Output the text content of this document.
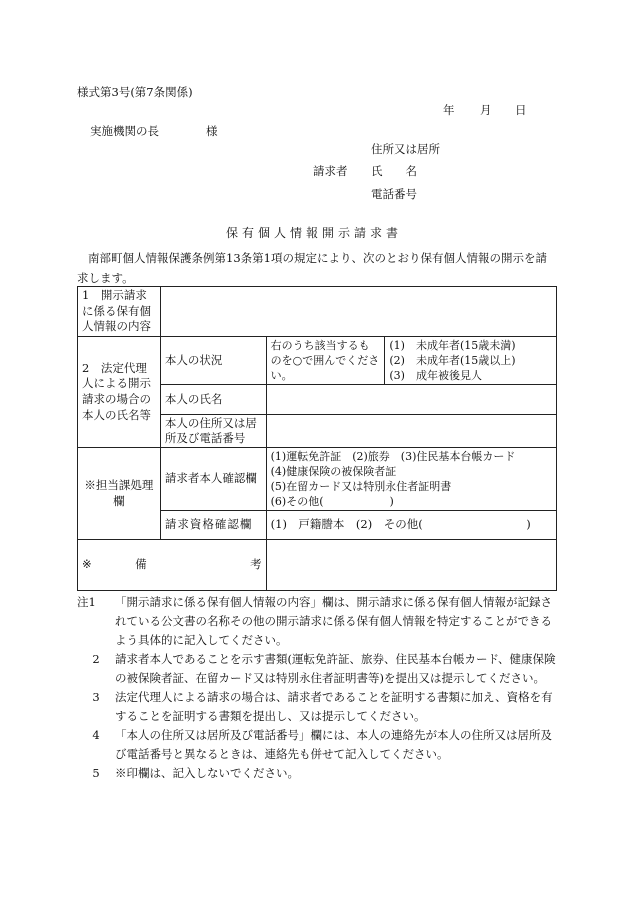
様式第3号(第7条関係)
年 月 日
実施機関の長	様
住所又は居所
請求者 氏　　名
電話番号
保有個人情報開示請求書
南部町個人情報保護条例第13条第1項の規定により、次のとおり保有個人情報の開示を請求します。
1　開示請求に係る保有個人情報の内容			
2　法定代理人による開示請求の場合の本人の氏名等	本人の状況	右のうち該当するものを○で囲んでください。	(1)　未成年者(15歳未満)
(2)　未成年者(15歳以上)
(3)　成年被後見人

	本人の氏名		
	本人の住所又は居所及び電話番号		
※担当課処理欄	請求者本人確認欄	(1)運転免許証　(2)旅券　(3)住民基本台帳カード
(4)健康保険の被保険者証
(5)在留カード又は特別永住者証明書
(6)その他(　　　　　　)	

	請求資格確認欄	(1)　戸籍謄本　(2)　その他(　　　　　　　　　)	

※ 備 考			

注1	「開示請求に係る保有個人情報の内容」欄は、開示請求に係る保有個人情報が記録されている公文書の名称その他の開示請求に係る保有個人情報を特定することができるよう具体的に記入してください。
2	請求者本人であることを示す書類(運転免許証、旅券、住民基本台帳カード、健康保険の被保険者証、在留カード又は特別永住者証明書等)を提出又は提示してください。
3	法定代理人による請求の場合は、請求者であることを証明する書類に加え、資格を有することを証明する書類を提出し、又は提示してください。
4	「本人の住所又は居所及び電話番号」欄には、本人の連絡先が本人の住所又は居所及び電話番号と異なるときは、連絡先も併せて記入してください。
5	※印欄は、記入しないでください。
